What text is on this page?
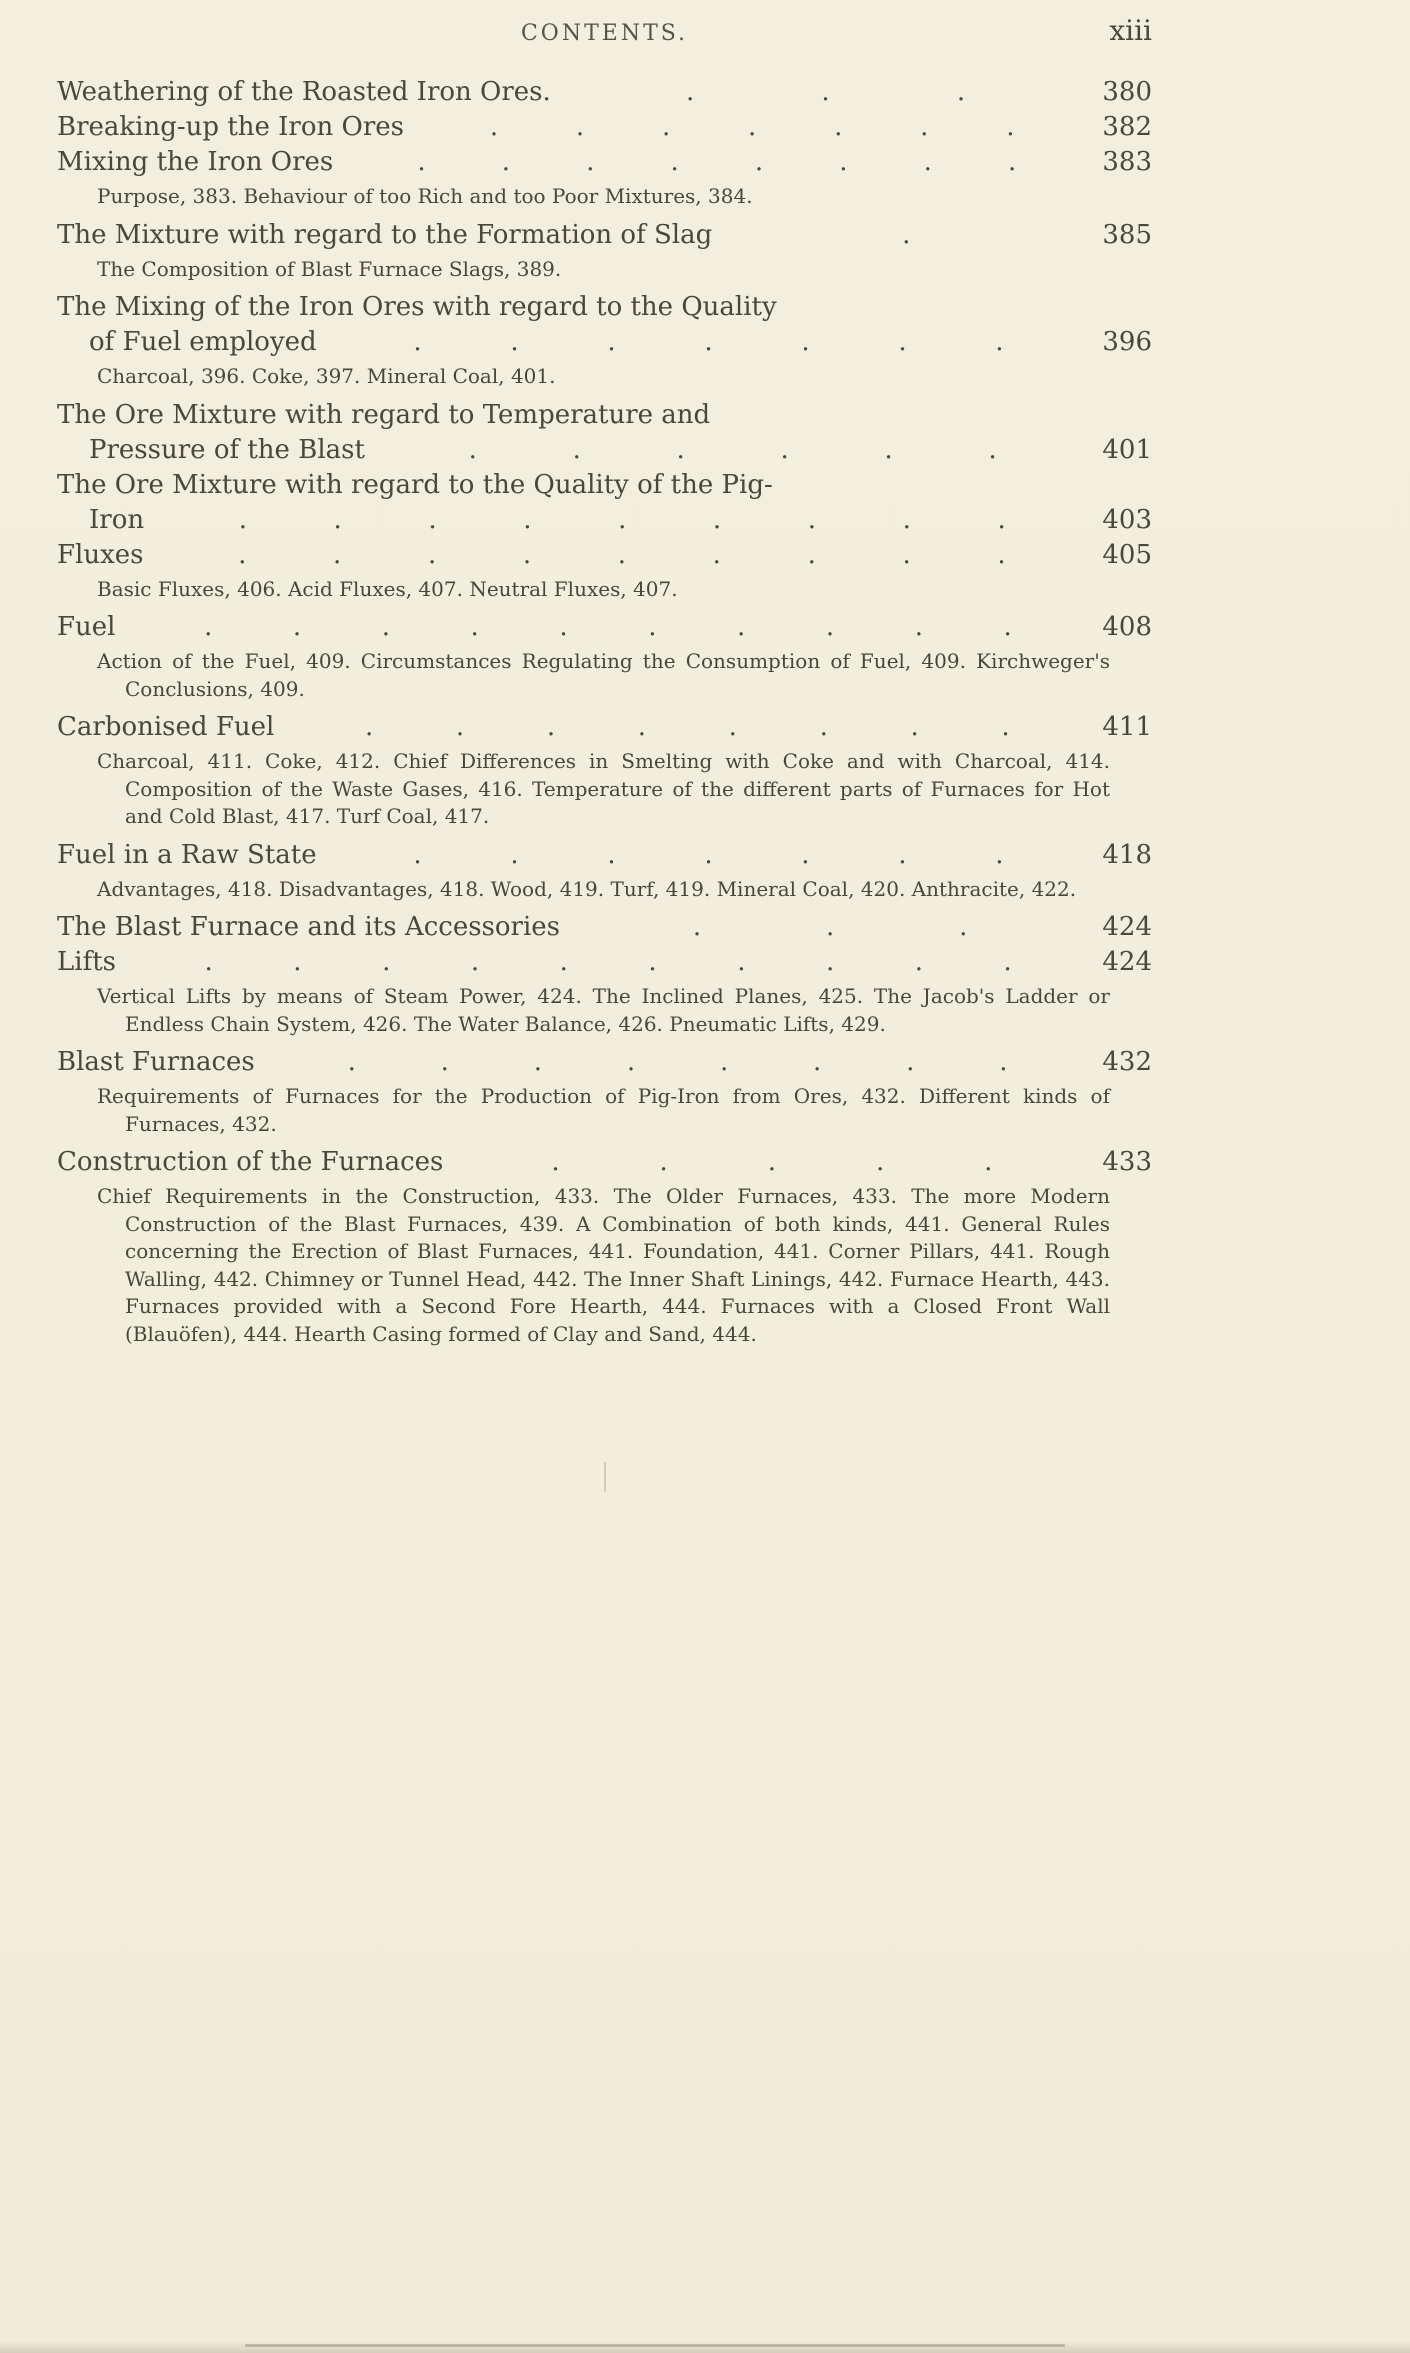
CONTENTS.	xiii
Weathering of the Roasted Iron Ores.	.	.	.	380
Breaking-up the Iron Ores	.	.	.	.	.	.	.	382
Mixing the Iron Ores	.	.	.	.	.	.	.	.	383
Purpose, 383. Behaviour of too Rich and too Poor Mixtures, 384.
The Mixture with regard to the Formation of Slag	.	385
The Composition of Blast Furnace Slags, 389.
The Mixing of the Iron Ores with regard to the Quality
of Fuel employed	.	.	.	.	.	.	.	396
Charcoal, 396. Coke, 397. Mineral Coal, 401.
The Ore Mixture with regard to Temperature and
Pressure of the Blast	.	.	.	.	.	.	401
The Ore Mixture with regard to the Quality of the Pig-
Iron	.	.	.	.	.	.	.	.	.	403
Fluxes	.	.	.	.	.	.	.	.	.	405
Basic Fluxes, 406. Acid Fluxes, 407. Neutral Fluxes, 407.
Fuel	.	.	.	.	.	.	.	.	.	.	408
Action of the Fuel, 409. Circumstances Regulating the Consumption of Fuel, 409. Kirchweger's Conclusions, 409.
Carbonised Fuel	.	.	.	.	.	.	.	.	411
Charcoal, 411. Coke, 412. Chief Differences in Smelting with Coke and with Charcoal, 414. Composition of the Waste Gases, 416. Temperature of the different parts of Furnaces for Hot and Cold Blast, 417. Turf Coal, 417.
Fuel in a Raw State	.	.	.	.	.	.	.	418
Advantages, 418. Disadvantages, 418. Wood, 419. Turf, 419. Mineral Coal, 420. Anthracite, 422.
The Blast Furnace and its Accessories	.	.	.	424
Lifts	.	.	.	.	.	.	.	.	.	.	424
Vertical Lifts by means of Steam Power, 424. The Inclined Planes, 425. The Jacob's Ladder or Endless Chain System, 426. The Water Balance, 426. Pneumatic Lifts, 429.
Blast Furnaces	.	.	.	.	.	.	.	.	432
Requirements of Furnaces for the Production of Pig-Iron from Ores, 432. Different kinds of Furnaces, 432.
Construction of the Furnaces	.	.	.	.	.	433
Chief Requirements in the Construction, 433. The Older Furnaces, 433. The more Modern Construction of the Blast Furnaces, 439. A Combination of both kinds, 441. General Rules concerning the Erection of Blast Furnaces, 441. Foundation, 441. Corner Pillars, 441. Rough Walling, 442. Chimney or Tunnel Head, 442. The Inner Shaft Linings, 442. Furnace Hearth, 443. Furnaces provided with a Second Fore Hearth, 444. Furnaces with a Closed Front Wall (Blauöfen), 444. Hearth Casing formed of Clay and Sand, 444.
